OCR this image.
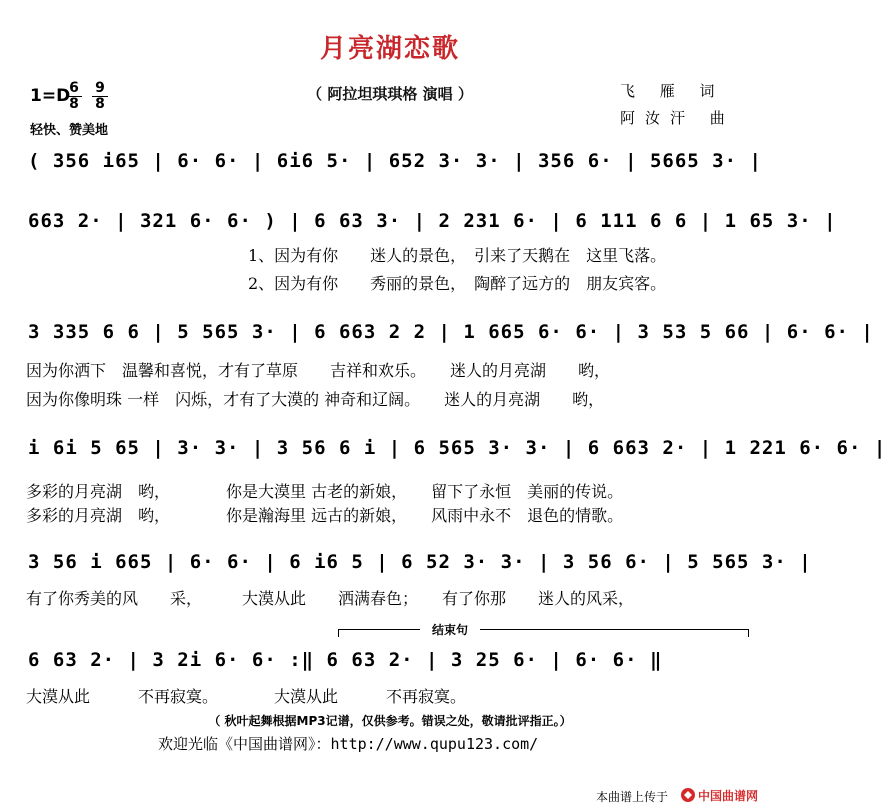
月亮湖恋歌
（ 阿拉坦琪琪格 演唱 ）
1=D
6
8
9
8
轻快、赞美地
飞 雁 词
阿汝汗 曲
( 356 i65 | 6· 6· | 6i6 5· | 652 3· 3· | 356 6· | 5665 3· |
663 2· | 321 6· 6· ) | 6 63 3· | 2 231 6· | 6 111 6 6 | 1 65 3· |
3 335 6 6 | 5 565 3· | 6 663 2 2 | 1 665 6· 6· | 3 53 5 66 | 6· 6· |
i 6i 5 65 | 3· 3· | 3 56 6 i | 6 565 3· 3· | 6 663 2· | 1 221 6· 6· |
3 56 i 665 | 6· 6· | 6 i6 5 | 6 52 3· 3· | 3 56 6· | 5 565 3· |
6 63 2· | 3 2i 6· 6· :‖ 6 63 2· | 3 25 6· | 6· 6· ‖
1、因为有你　　迷人的景色，　引来了天鹅在　这里飞落。
2、因为有你　　秀丽的景色，　陶醉了远方的　朋友宾客。
因为你洒下　温馨和喜悦，才有了草原　　吉祥和欢乐。　　迷人的月亮湖　　哟，
因为你像明珠 一样　闪烁，才有了大漠的 神奇和辽阔。　　迷人的月亮湖　　哟，
多彩的月亮湖　哟，　　　　你是大漠里 古老的新娘，　　留下了永恒　美丽的传说。
多彩的月亮湖　哟，　　　　你是瀚海里 远古的新娘，　　风雨中永不　退色的情歌。
有了你秀美的风　　采，　　　大漠从此　　洒满春色；　　有了你那　　迷人的风采，
大漠从此　　　不再寂寞。　　　　大漠从此　　　不再寂寞。
结束句
（ 秋叶起舞根据MP3记谱，仅供参考。错误之处，敬请批评指正。）
欢迎光临《中国曲谱网》：http://www.qupu123.com/
本曲谱上传于 中国曲谱网
